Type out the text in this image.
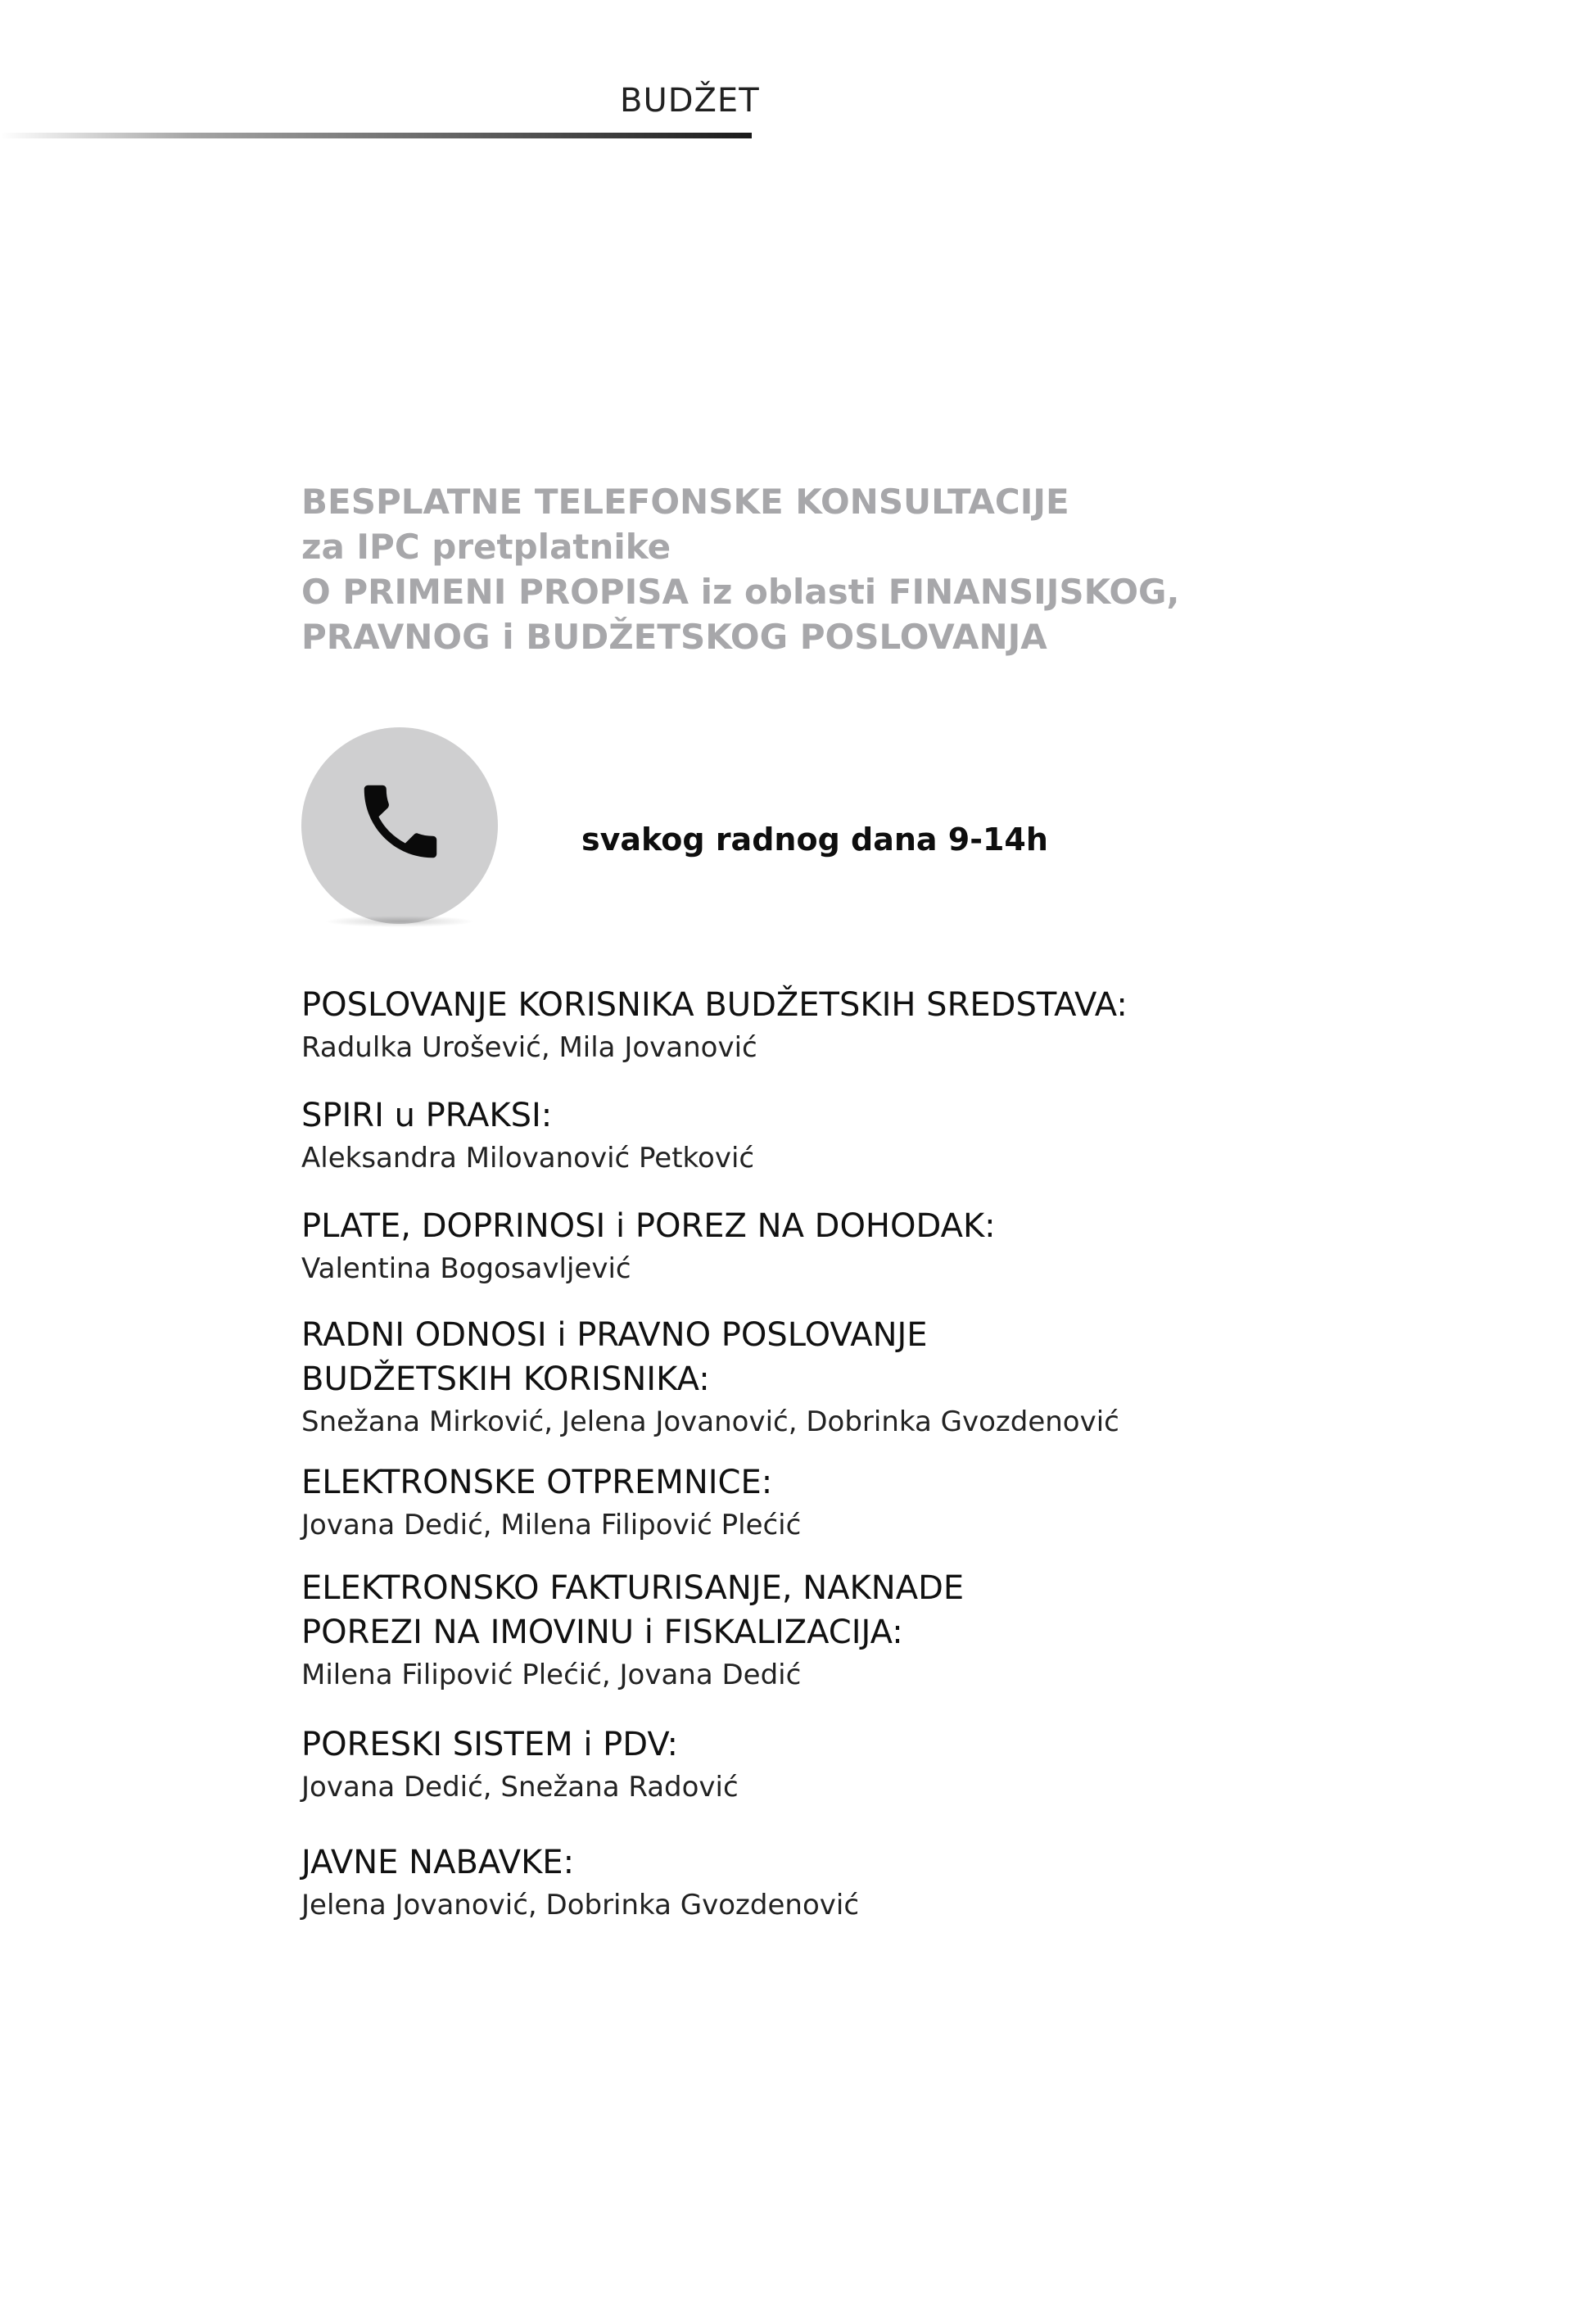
BUDŽET
BESPLATNE TELEFONSKE KONSULTACIJE
za IPC pretplatnike
O PRIMENI PROPISA iz oblasti FINANSIJSKOG,
PRAVNOG i BUDŽETSKOG POSLOVANJA
svakog radnog dana 9-14h
POSLOVANJE KORISNIKA BUDŽETSKIH SREDSTAVA:
Radulka Urošević, Mila Jovanović
SPIRI u PRAKSI:
Aleksandra Milovanović Petković
PLATE, DOPRINOSI i POREZ NA DOHODAK:
Valentina Bogosavljević
RADNI ODNOSI i PRAVNO POSLOVANJE
BUDŽETSKIH KORISNIKA:
Snežana Mirković, Jelena Jovanović, Dobrinka Gvozdenović
ELEKTRONSKE OTPREMNICE:
Jovana Dedić, Milena Filipović Plećić
ELEKTRONSKO FAKTURISANJE, NAKNADE
POREZI NA IMOVINU i FISKALIZACIJA:
Milena Filipović Plećić, Jovana Dedić
PORESKI SISTEM i PDV:
Jovana Dedić, Snežana Radović
JAVNE NABAVKE:
Jelena Jovanović, Dobrinka Gvozdenović
